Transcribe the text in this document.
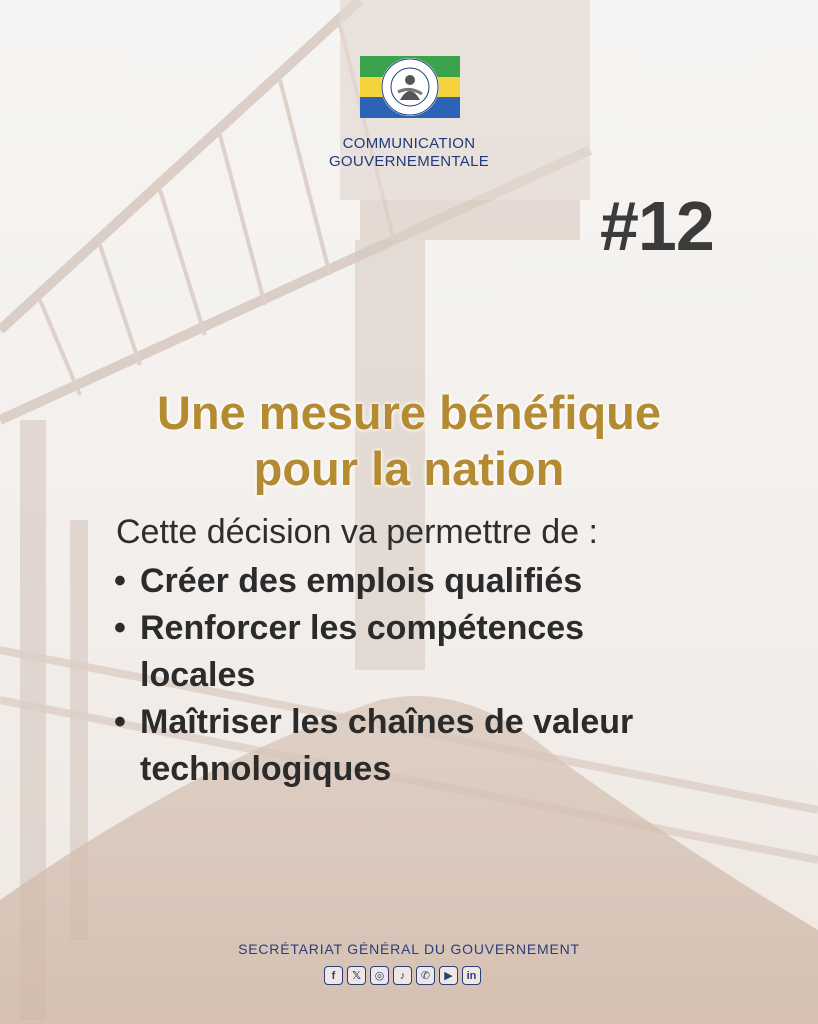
COMMUNICATION
GOUVERNEMENTALE
#12
Une mesure bénéfique
pour la nation
Cette décision va permettre de :
• Créer des emplois qualifiés
• Renforcer les compétences
locales
• Maîtriser les chaînes de valeur
technologiques
SECRÉTARIAT GÉNÉRAL DU GOUVERNEMENT
f	𝕏	◎	♪	✆	▶	in
